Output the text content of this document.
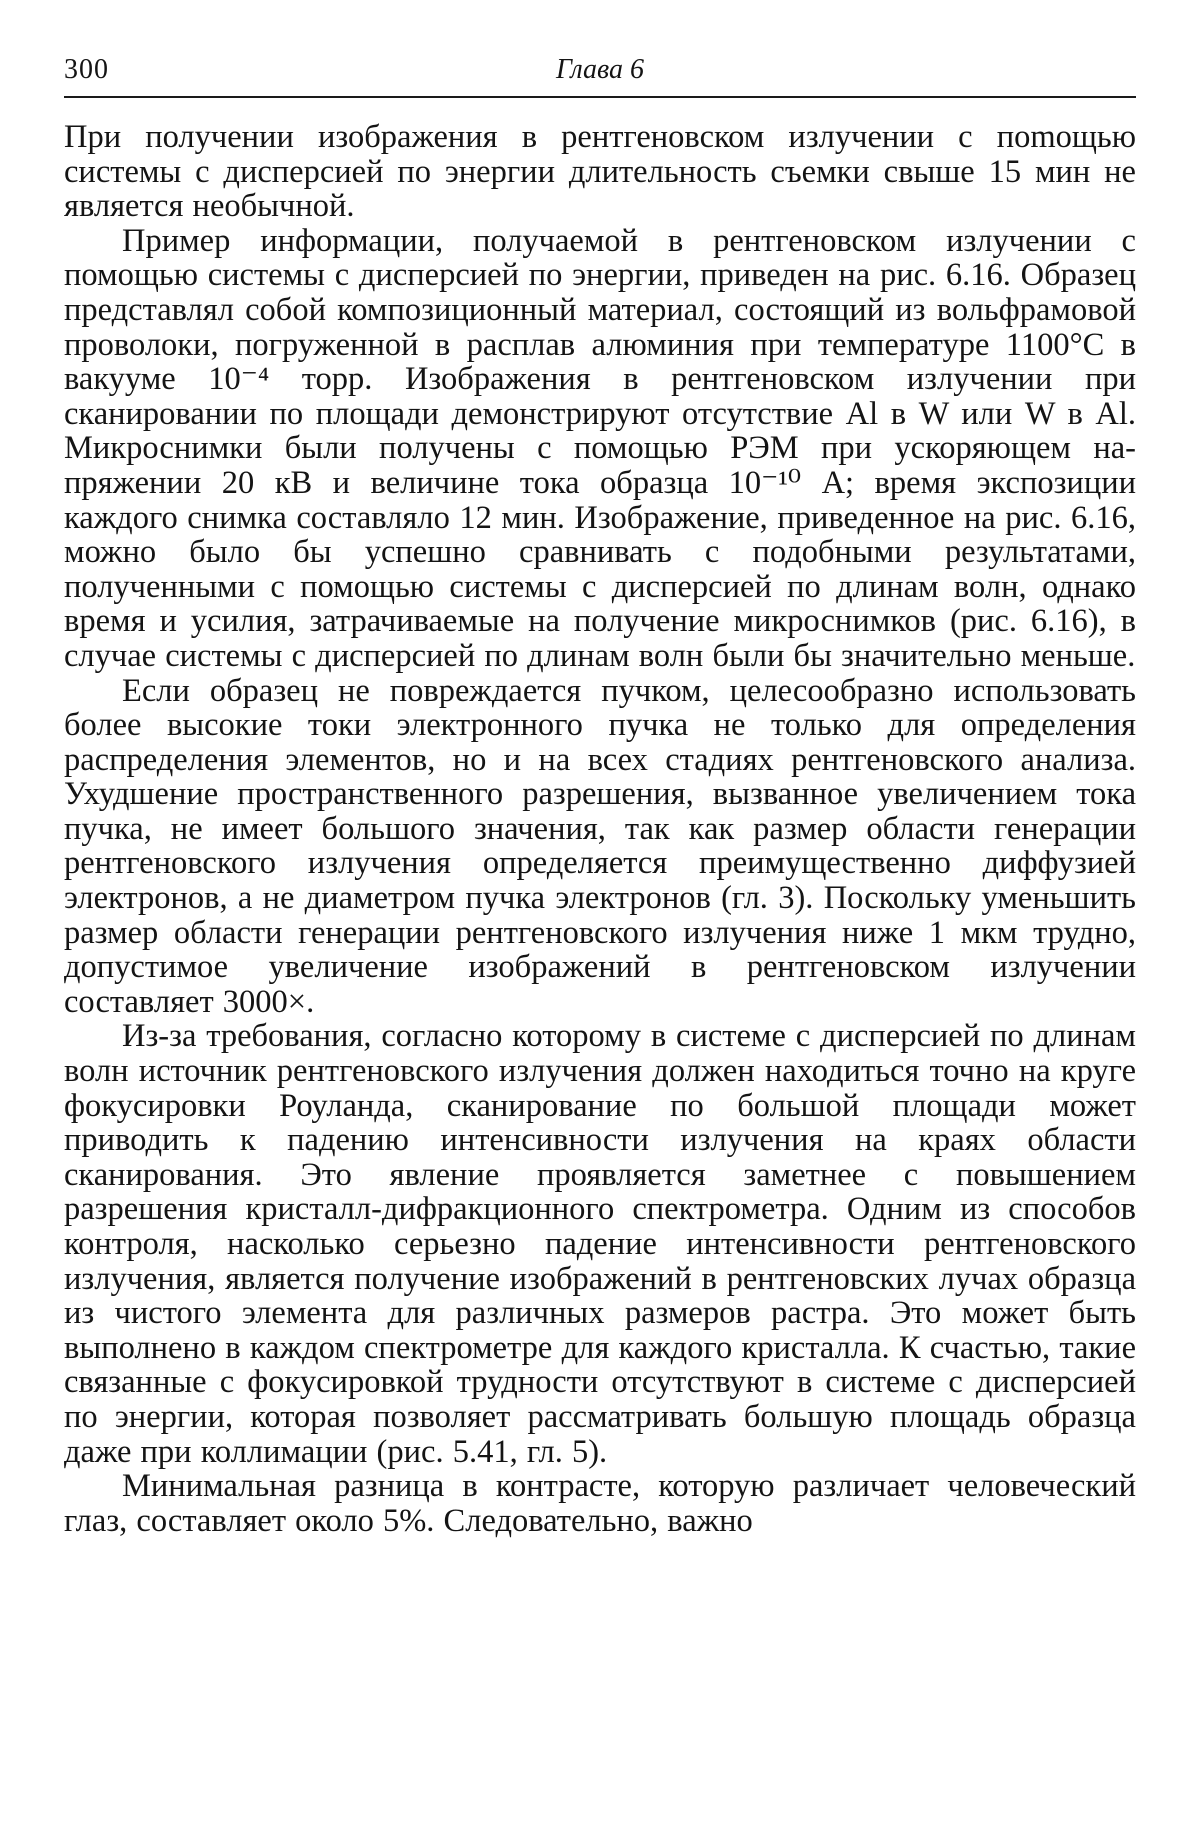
300	Глава 6

При получении изображения в рентгеновском излучении с поmощью системы с дисперсией по энергии длительность съемки свыше 15 мин не является необычной.

Пример информации, получаемой в рентгеновском излучении с помощью системы с дисперсией по энергии, приведен на рис. 6.16. Образец представлял собой композиционный материал, состоящий из вольфрамовой проволоки, погруженной в расплав алюминия при температуре 1100°С в вакууме 10⁻⁴ торр. Изображения в рентгеновском излучении при сканировании по площади демонстрируют отсутствие Al в W или W в Al. Микроснимки были получены с помощью РЭМ при ускоряющем напряжении 20 кВ и величине тока образца 10⁻¹⁰ А; время экспозиции каждого снимка составляло 12 мин. Изображение, приведенное на рис. 6.16, можно было бы успешно сравнивать с подобными результатами, полученными с помощью системы с дисперсией по длинам волн, однако время и усилия, затрачиваемые на получение микроснимков (рис. 6.16), в случае системы с дисперсией по длинам волн были бы значительно меньше.

Если образец не повреждается пучком, целесообразно использовать более высокие токи электронного пучка не только для определения распределения элементов, но и на всех стадиях рентгеновского анализа. Ухудшение пространственного разрешения, вызванное увеличением тока пучка, не имеет большого значения, так как размер области генерации рентгеновского излучения определяется преимущественно диффузией электронов, а не диаметром пучка электронов (гл. 3). Поскольку уменьшить размер области генерации рентгеновского излучения ниже 1 мкм трудно, допустимое увеличение изображений в рентгеновском излучении составляет 3000×.

Из-за требования, согласно которому в системе с дисперсией по длинам волн источник рентгеновского излучения должен находиться точно на круге фокусировки Роуланда, сканирование по большой площади может приводить к падению интенсивности излучения на краях области сканирования. Это явление проявляется заметнее с повышением разрешения кристалл-дифракционного спектрометра. Одним из способов контроля, насколько серьезно падение интенсивности рентгеновского излучения, является получение изображений в рентгеновских лучах образца из чистого элемента для различных размеров растра. Это может быть выполнено в каждом спектрометре для каждого кристалла. К счастью, такие связанные с фокусировкой трудности отсутствуют в системе с дисперсией по энергии, которая позволяет рассматривать большую площадь образца даже при коллимации (рис. 5.41, гл. 5).

Минимальная разница в контрасте, которую различает человеческий глаз, составляет около 5%. Следовательно, важно
